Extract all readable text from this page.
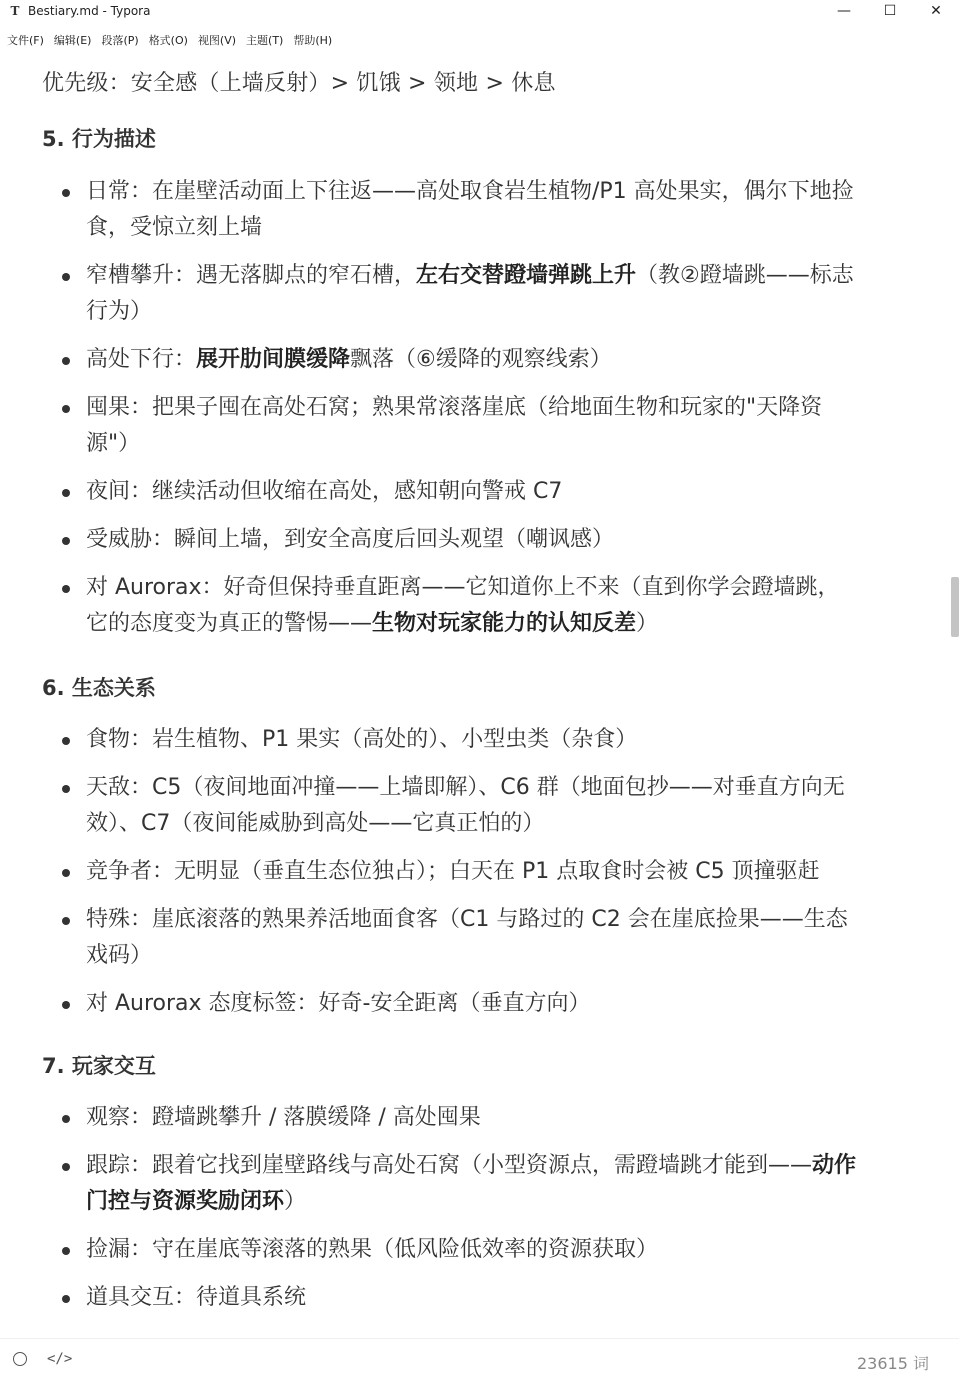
T Bestiary.md - Typora	—	☐	✕
文件(F) 编辑(E) 段落(P) 格式(O) 视图(V) 主题(T) 帮助(H)
优先级：安全感（上墙反射）> 饥饿 > 领地 > 休息
5. 行为描述
日常：在崖壁活动面上下往返——高处取食岩生植物/P1 高处果实，偶尔下地捡食，受惊立刻上墙
窄槽攀升：遇无落脚点的窄石槽，左右交替蹬墙弹跳上升（教②蹬墙跳——标志行为）
高处下行：展开肋间膜缓降飘落（⑥缓降的观察线索）
囤果：把果子囤在高处石窝；熟果常滚落崖底（给地面生物和玩家的"天降资源"）
夜间：继续活动但收缩在高处，感知朝向警戒 C7
受威胁：瞬间上墙，到安全高度后回头观望（嘲讽感）
对 Aurorax：好奇但保持垂直距离——它知道你上不来（直到你学会蹬墙跳，它的态度变为真正的警惕——生物对玩家能力的认知反差）
6. 生态关系
食物：岩生植物、P1 果实（高处的）、小型虫类（杂食）
天敌：C5（夜间地面冲撞——上墙即解）、C6 群（地面包抄——对垂直方向无效）、C7（夜间能威胁到高处——它真正怕的）
竞争者：无明显（垂直生态位独占）；白天在 P1 点取食时会被 C5 顶撞驱赶
特殊：崖底滚落的熟果养活地面食客（C1 与路过的 C2 会在崖底捡果——生态戏码）
对 Aurorax 态度标签：好奇-安全距离（垂直方向）
7. 玩家交互
观察：蹬墙跳攀升 / 落膜缓降 / 高处囤果
跟踪：跟着它找到崖壁路线与高处石窝（小型资源点，需蹬墙跳才能到——动作门控与资源奖励闭环）
捡漏：守在崖底等滚落的熟果（低风险低效率的资源获取）
道具交互：待道具系统
</>	23615 词
